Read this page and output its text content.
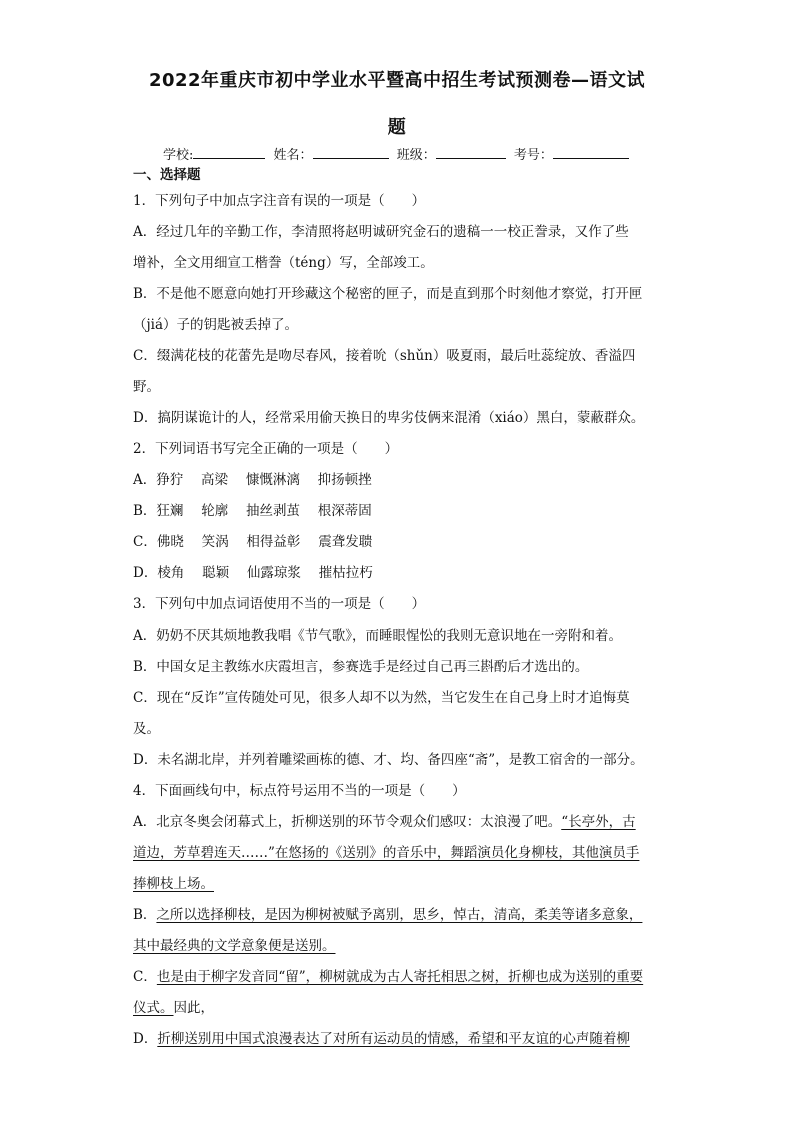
2022年重庆市初中学业水平暨高中招生考试预测卷—语文试
题
学校:	姓名：	班级：	考号：
一、选择题
1．下列句子中加点字注音有误的一项是（　　）
A．经过几年的辛勤工作，李清照将赵明诚研究金石的遗稿一一校正誊录，又作了些
增补，全文用细宣工楷誊（téng）写，全部竣工。
B．不是他不愿意向她打开珍藏这个秘密的匣子，而是直到那个时刻他才察觉，打开匣
（jiá）子的钥匙被丢掉了。
C．缀满花枝的花蕾先是吻尽春风，接着吮（shǔn）吸夏雨，最后吐蕊绽放、香溢四
野。
D．搞阴谋诡计的人，经常采用偷天换日的卑劣伎俩来混淆（xiáo）黑白，蒙蔽群众。
2．下列词语书写完全正确的一项是（　　）
A．狰狞　 高梁　 慷慨淋漓　 抑扬顿挫
B．狂斓　 轮廓　 抽丝剥茧　 根深蒂固
C．佛晓　 笑涡　 相得益彰　 震聋发聩
D．棱角　 聪颖　 仙露琼浆　 摧枯拉朽
3．下列句中加点词语使用不当的一项是（　　）
A．奶奶不厌其烦地教我唱《节气歌》，而睡眼惺忪的我则无意识地在一旁附和着。
B．中国女足主教练水庆霞坦言，参赛选手是经过自己再三斟酌后才选出的。
C．现在“反诈”宣传随处可见，很多人却不以为然，当它发生在自己身上时才追悔莫
及。
D．未名湖北岸，并列着雕梁画栋的德、才、均、备四座“斋”，是教工宿舍的一部分。
4．下面画线句中，标点符号运用不当的一项是（　　）
A．北京冬奥会闭幕式上，折柳送别的环节令观众们感叹：太浪漫了吧。“长亭外，古
道边，芳草碧连天……”在悠扬的《送别》的音乐中，舞蹈演员化身柳枝，其他演员手
捧柳枝上场。
B．之所以选择柳枝，是因为柳树被赋予离别，思乡，悼古，清高，柔美等诸多意象，
其中最经典的文学意象便是送别。
C．也是由于柳字发音同“留”，柳树就成为古人寄托相思之树，折柳也成为送别的重要
仪式。因此，
D．折柳送别用中国式浪漫表达了对所有运动员的情感，希望和平友谊的心声随着柳
